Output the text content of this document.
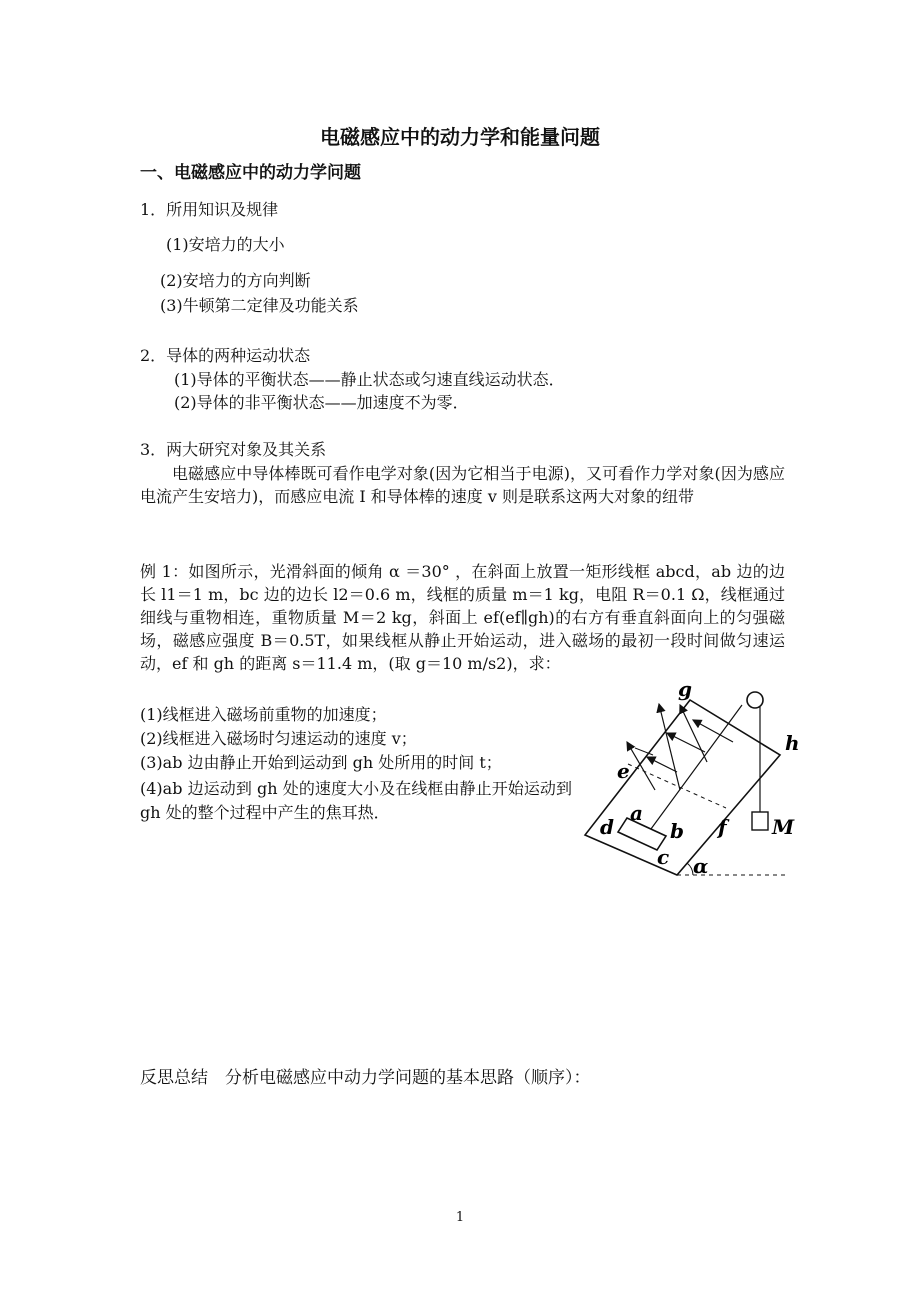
电磁感应中的动力学和能量问题
一、电磁感应中的动力学问题
1．所用知识及规律
(1)安培力的大小
(2)安培力的方向判断
(3)牛顿第二定律及功能关系
2．导体的两种运动状态
(1)导体的平衡状态——静止状态或匀速直线运动状态．
(2)导体的非平衡状态——加速度不为零．
3．两大研究对象及其关系
电磁感应中导体棒既可看作电学对象(因为它相当于电源)，又可看作力学对象(因为感应电流产生安培力)，而感应电流 I 和导体棒的速度 v 则是联系这两大对象的纽带
例 1：如图所示，光滑斜面的倾角 α ＝30° ，在斜面上放置一矩形线框 abcd，ab 边的边长 l1＝1 m，bc 边的边长 l2＝0.6 m，线框的质量 m＝1 kg，电阻 R＝0.1 Ω，线框通过细线与重物相连，重物质量 M＝2 kg，斜面上 ef(ef∥gh)的右方有垂直斜面向上的匀强磁场，磁感应强度 B＝0.5T，如果线框从静止开始运动，进入磁场的最初一段时间做匀速运动，ef 和 gh 的距离 s＝11.4 m，(取 g＝10 m/s2)，求：
(1)线框进入磁场前重物的加速度；
(2)线框进入磁场时匀速运动的速度 v；
(3)ab 边由静止开始到运动到 gh 处所用的时间 t；
(4)ab 边运动到 gh 处的速度大小及在线框由静止开始运动到 gh 处的整个过程中产生的焦耳热．
g
h
e
f
a
b
c
d	M
α
反思总结　分析电磁感应中动力学问题的基本思路（顺序）：
1
